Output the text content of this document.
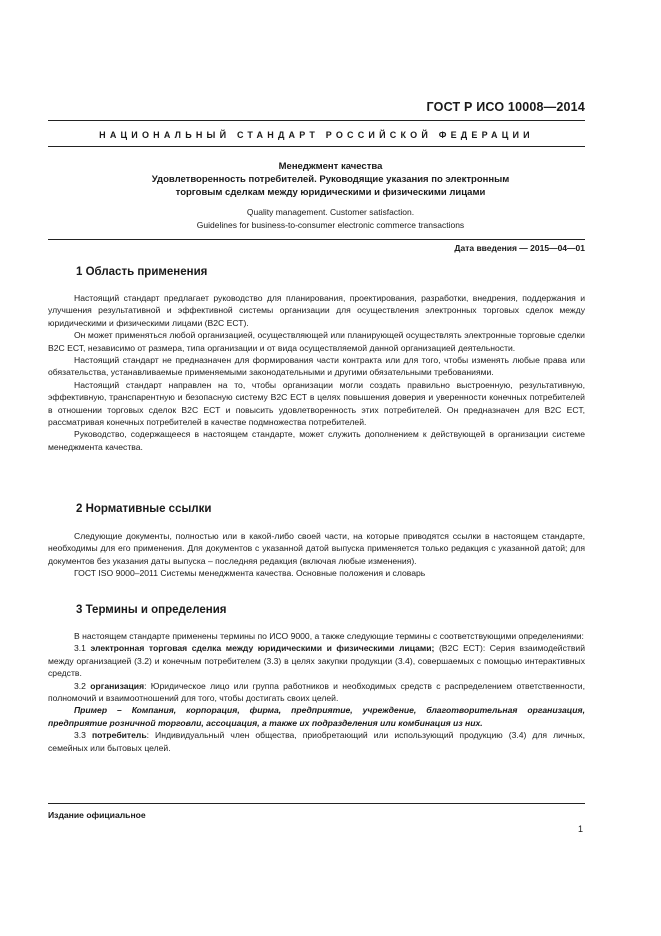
ГОСТ Р ИСО 10008—2014
НАЦИОНАЛЬНЫЙ СТАНДАРТ РОССИЙСКОЙ ФЕДЕРАЦИИ
Менеджмент качества
Удовлетворенность потребителей. Руководящие указания по электронным
торговым сделкам между юридическими и физическими лицами
Quality management. Customer satisfaction.
Guidelines for business-to-consumer electronic commerce transactions
Дата введения — 2015—04—01
1 Область применения

Настоящий стандарт предлагает руководство для планирования, проектирования, разработки, внедрения, поддержания и улучшения результативной и эффективной системы организации для осуществления электронных торговых сделок между юридическими и физическими лицами (В2С ЕСТ).

Он может применяться любой организацией, осуществляющей или планирующей осуществлять электронные торговые сделки В2С ЕСТ, независимо от размера, типа организации и от вида осуществляемой данной организацией деятельности.

Настоящий стандарт не предназначен для формирования части контракта или для того, чтобы изменять любые права или обязательства, устанавливаемые применяемыми законодательными и другими обязательными требованиями.

Настоящий стандарт направлен на то, чтобы организации могли создать правильно выстроенную, результативную, эффективную, транспарентную и безопасную систему В2С ЕСТ в целях повышения доверия и уверенности конечных потребителей в отношении торговых сделок В2С ЕСТ и повысить удовлетворенность этих потребителей. Он предназначен для В2С ЕСТ, рассматривая конечных потребителей в качестве подмножества потребителей.

Руководство, содержащееся в настоящем стандарте, может служить дополнением к действующей в организации системе менеджмента качества.

2 Нормативные ссылки

Следующие документы, полностью или в какой-либо своей части, на которые приводятся ссылки в настоящем стандарте, необходимы для его применения. Для документов с указанной датой выпуска применяется только редакция с указанной датой; для документов без указания даты выпуска – последняя редакция (включая любые изменения).

ГОСТ ISO 9000–2011 Системы менеджмента качества. Основные положения и словарь

3 Термины и определения

В настоящем стандарте применены термины по ИСО 9000, а также следующие термины с соответствующими определениями:

3.1 электронная торговая сделка между юридическими и физическими лицами; (В2С ЕСТ): Серия взаимодействий между организацией (3.2) и конечным потребителем (3.3) в целях закупки продукции (3.4), совершаемых с помощью интерактивных средств.

3.2 организация: Юридическое лицо или группа работников и необходимых средств с распределением ответственности, полномочий и взаимоотношений для того, чтобы достигать своих целей.

Пример – Компания, корпорация, фирма, предприятие, учреждение, благотворительная организация, предприятие розничной торговли, ассоциация, а также их подразделения или комбинация из них.

3.3 потребитель: Индивидуальный член общества, приобретающий или использующий продукцию (3.4) для личных, семейных или бытовых целей.

Издание официальное
1
